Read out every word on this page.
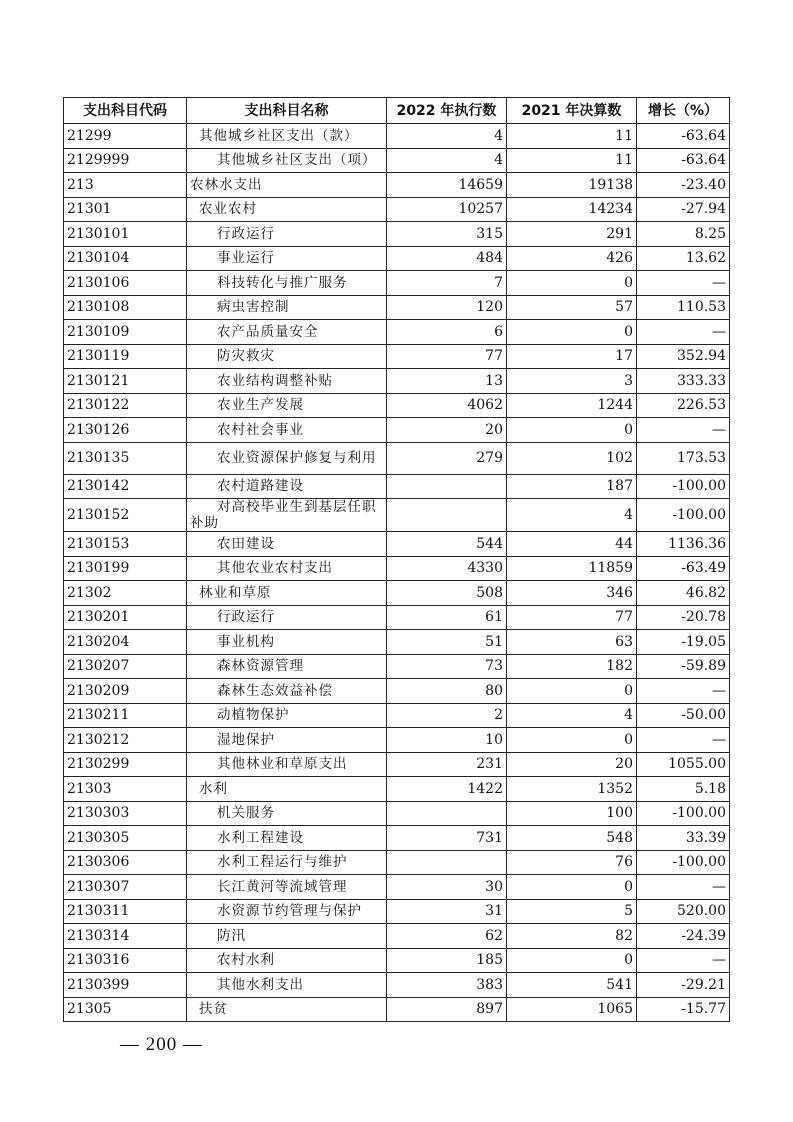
支出科目代码	支出科目名称	2022 年执行数	2021 年决算数	增长（%）
21299	其他城乡社区支出（款）	4	11	-63.64
2129999	其他城乡社区支出（项）	4	11	-63.64
213	农林水支出	14659	19138	-23.40
21301	农业农村	10257	14234	-27.94
2130101	行政运行	315	291	8.25
2130104	事业运行	484	426	13.62
2130106	科技转化与推广服务	7	0	—
2130108	病虫害控制	120	57	110.53
2130109	农产品质量安全	6	0	—
2130119	防灾救灾	77	17	352.94
2130121	农业结构调整补贴	13	3	333.33
2130122	农业生产发展	4062	1244	226.53
2130126	农村社会事业	20	0	—
2130135	农业资源保护修复与利用	279	102	173.53
2130142	农村道路建设		187	-100.00
2130152	对高校毕业生到基层任职补助		4	-100.00
2130153	农田建设	544	44	1136.36
2130199	其他农业农村支出	4330	11859	-63.49
21302	林业和草原	508	346	46.82
2130201	行政运行	61	77	-20.78
2130204	事业机构	51	63	-19.05
2130207	森林资源管理	73	182	-59.89
2130209	森林生态效益补偿	80	0	—
2130211	动植物保护	2	4	-50.00
2130212	湿地保护	10	0	—
2130299	其他林业和草原支出	231	20	1055.00
21303	水利	1422	1352	5.18
2130303	机关服务		100	-100.00
2130305	水利工程建设	731	548	33.39
2130306	水利工程运行与维护		76	-100.00
2130307	长江黄河等流域管理	30	0	—
2130311	水资源节约管理与保护	31	5	520.00
2130314	防汛	62	82	-24.39
2130316	农村水利	185	0	—
2130399	其他水利支出	383	541	-29.21
21305	扶贫	897	1065	-15.77
— 200 —
